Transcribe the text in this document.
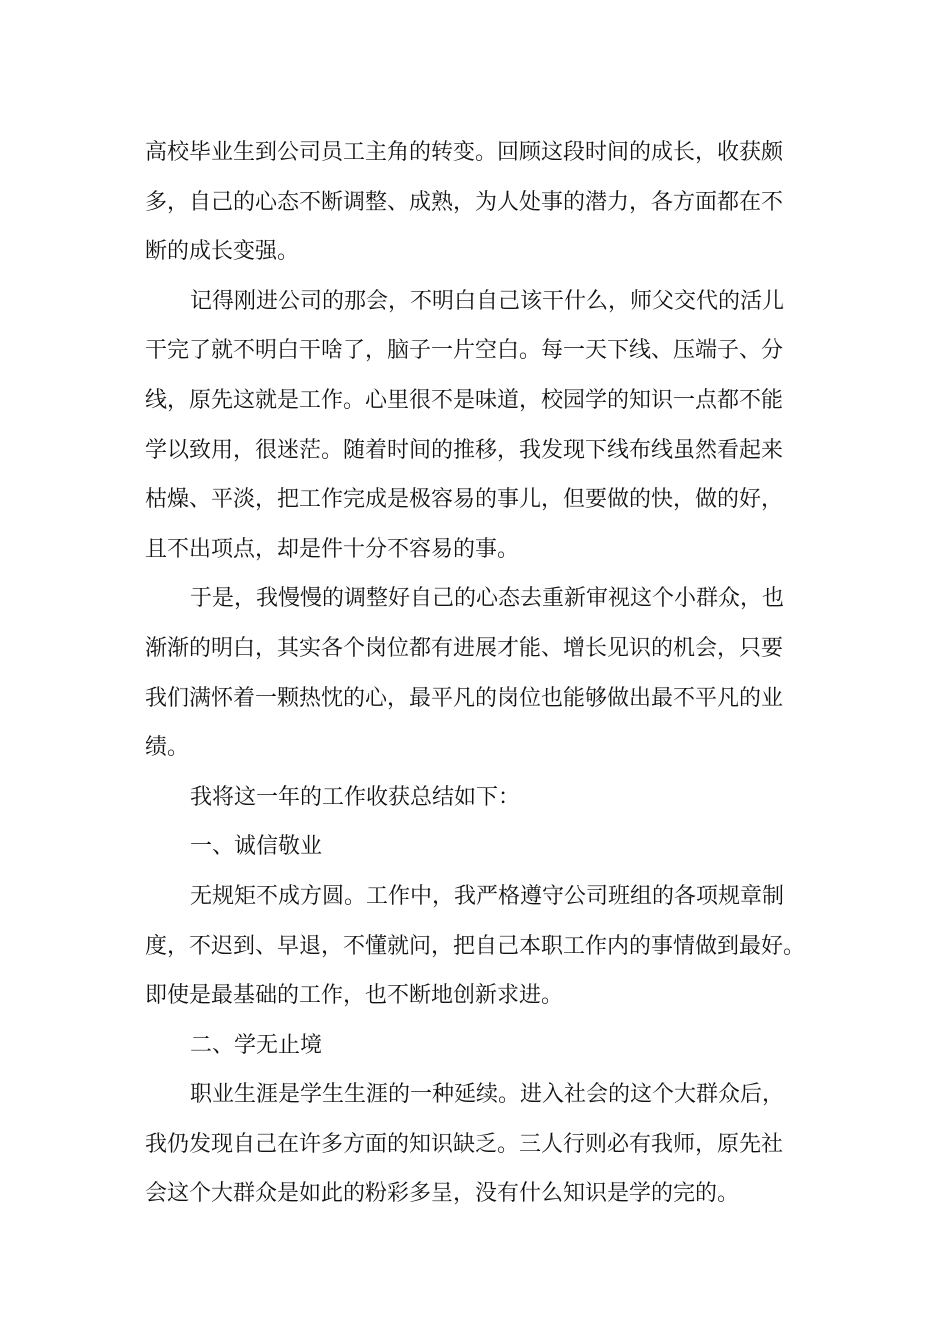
高校毕业生到公司员工主角的转变。回顾这段时间的成长，收获颇

多，自己的心态不断调整、成熟，为人处事的潜力，各方面都在不

断的成长变强。

记得刚进公司的那会，不明白自己该干什么，师父交代的活儿

干完了就不明白干啥了，脑子一片空白。每一天下线、压端子、分

线，原先这就是工作。心里很不是味道，校园学的知识一点都不能

学以致用，很迷茫。随着时间的推移，我发现下线布线虽然看起来

枯燥、平淡，把工作完成是极容易的事儿，但要做的快，做的好，

且不出项点，却是件十分不容易的事。

于是，我慢慢的调整好自己的心态去重新审视这个小群众，也

渐渐的明白，其实各个岗位都有进展才能、增长见识的机会，只要

我们满怀着一颗热忱的心，最平凡的岗位也能够做出最不平凡的业

绩。

我将这一年的工作收获总结如下：

一、诚信敬业

无规矩不成方圆。工作中，我严格遵守公司班组的各项规章制

度，不迟到、早退，不懂就问，把自己本职工作内的事情做到最好。

即使是最基础的工作，也不断地创新求进。

二、学无止境

职业生涯是学生生涯的一种延续。进入社会的这个大群众后，

我仍发现自己在许多方面的知识缺乏。三人行则必有我师，原先社

会这个大群众是如此的粉彩多呈，没有什么知识是学的完的。
